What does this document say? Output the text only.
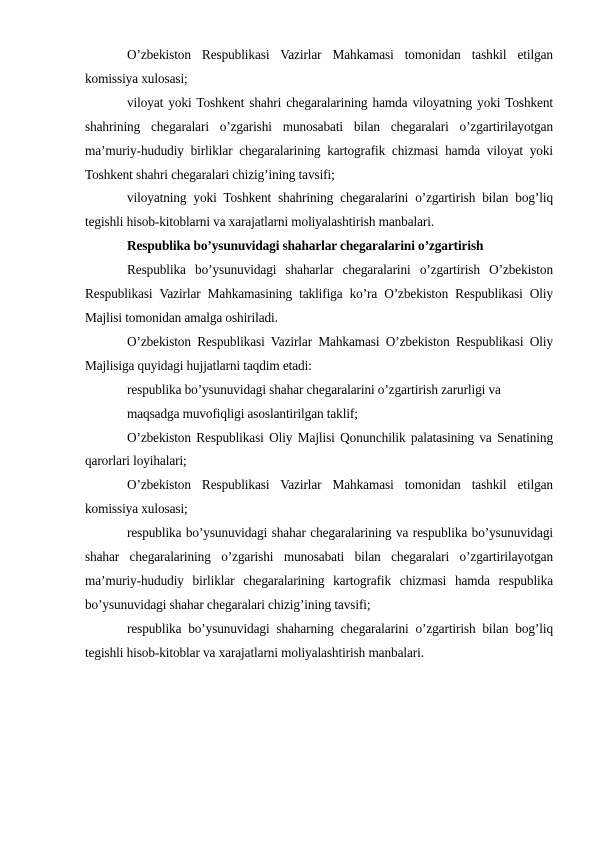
O’zbekiston Respublikasi Vazirlar Mahkamasi tomonidan tashkil etilgan komissiya xulosasi;

viloyat yoki Toshkent shahri chegaralarining hamda viloyatning yoki Toshkent shahrining chegaralari o’zgarishi munosabati bilan chegaralari o’zgartirilayotgan ma’muriy-hududiy birliklar chegaralarining kartografik chizmasi hamda viloyat yoki Toshkent shahri chegaralari chizig’ining tavsifi;

viloyatning yoki Toshkent shahrining chegaralarini o’zgartirish bilan bog’liq tegishli hisob-kitoblarni va xarajatlarni moliyalashtirish manbalari.

Respublika bo’ysunuvidagi shaharlar chegaralarini o’zgartirish

Respublika bo’ysunuvidagi shaharlar chegaralarini o’zgartirish O’zbekiston Respublikasi Vazirlar Mahkamasining taklifiga ko’ra O’zbekiston Respublikasi Oliy Majlisi tomonidan amalga oshiriladi.

O’zbekiston Respublikasi Vazirlar Mahkamasi O’zbekiston Respublikasi Oliy Majlisiga quyidagi hujjatlarni taqdim etadi:

respublika bo’ysunuvidagi shahar chegaralarini o’zgartirish zarurligi va

maqsadga muvofiqligi asoslantirilgan taklif;

O’zbekiston Respublikasi Oliy Majlisi Qonunchilik palatasining va Senatining qarorlari loyihalari;

O’zbekiston Respublikasi Vazirlar Mahkamasi tomonidan tashkil etilgan komissiya xulosasi;

respublika bo’ysunuvidagi shahar chegaralarining va respublika bo’ysunuvidagi shahar chegaralarining o’zgarishi munosabati bilan chegaralari o’zgartirilayotgan ma’muriy-hududiy birliklar chegaralarining kartografik chizmasi hamda respublika bo’ysunuvidagi shahar chegaralari chizig’ining tavsifi;

respublika bo’ysunuvidagi shaharning chegaralarini o’zgartirish bilan bog’liq tegishli hisob-kitoblar va xarajatlarni moliyalashtirish manbalari.
